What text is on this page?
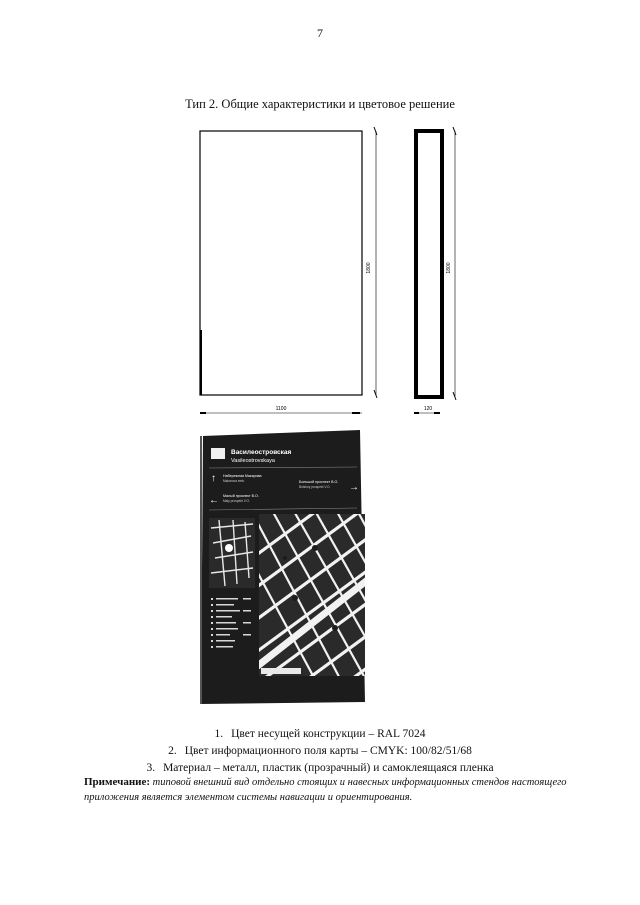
7
Тип 2. Общие характеристики и цветовое решение
1800	1800
1100	120
Василеостровская
Vasileostrovskaya
↑ Набережная Макарова
Makarova emb.	Большой проспект В.О.
Bolshoy prospekt V.O. →
← Малый проспект В.О.
Maly prospekt V.O.
1. Цвет несущей конструкции – RAL 7024
2. Цвет информационного поля карты – CMYK: 100/82/51/68
3. Материал – металл, пластик (прозрачный) и самоклеящаяся пленка
Примечание: типовой внешний вид отдельно стоящих и навесных информационных стендов настоящего приложения является элементом системы навигации и ориентирования.
